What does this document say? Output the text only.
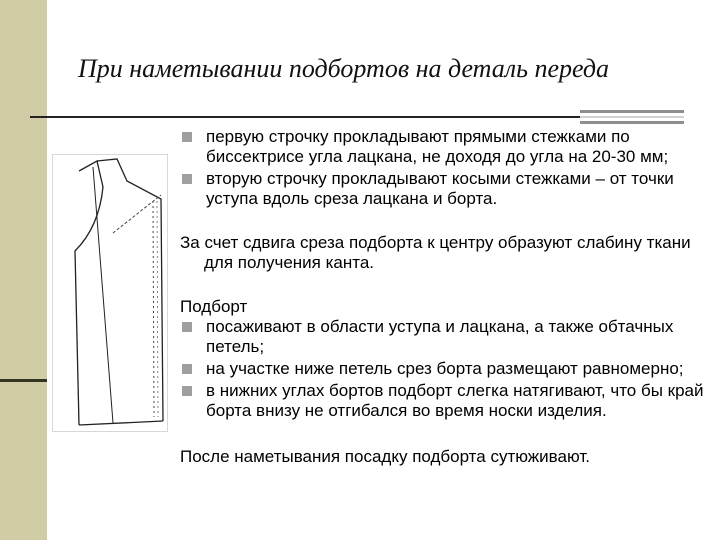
При наметывании подбортов на деталь переда
первую строчку прокладывают прямыми стежками по биссектрисе угла лацкана, не доходя до угла на 20-30 мм;
вторую строчку прокладывают косыми стежками – от точки уступа вдоль среза лацкана и борта.

За счет сдвига среза подборта к центру образуют слабину ткани для получения канта.

Подборт

посаживают в области уступа и лацкана, а также обтачных петель;
на участке ниже петель срез борта размещают равномерно;
в нижних углах бортов подборт слегка натягивают, что бы край борта внизу не отгибался во время носки изделия.

После наметывания посадку подборта сутюживают.
